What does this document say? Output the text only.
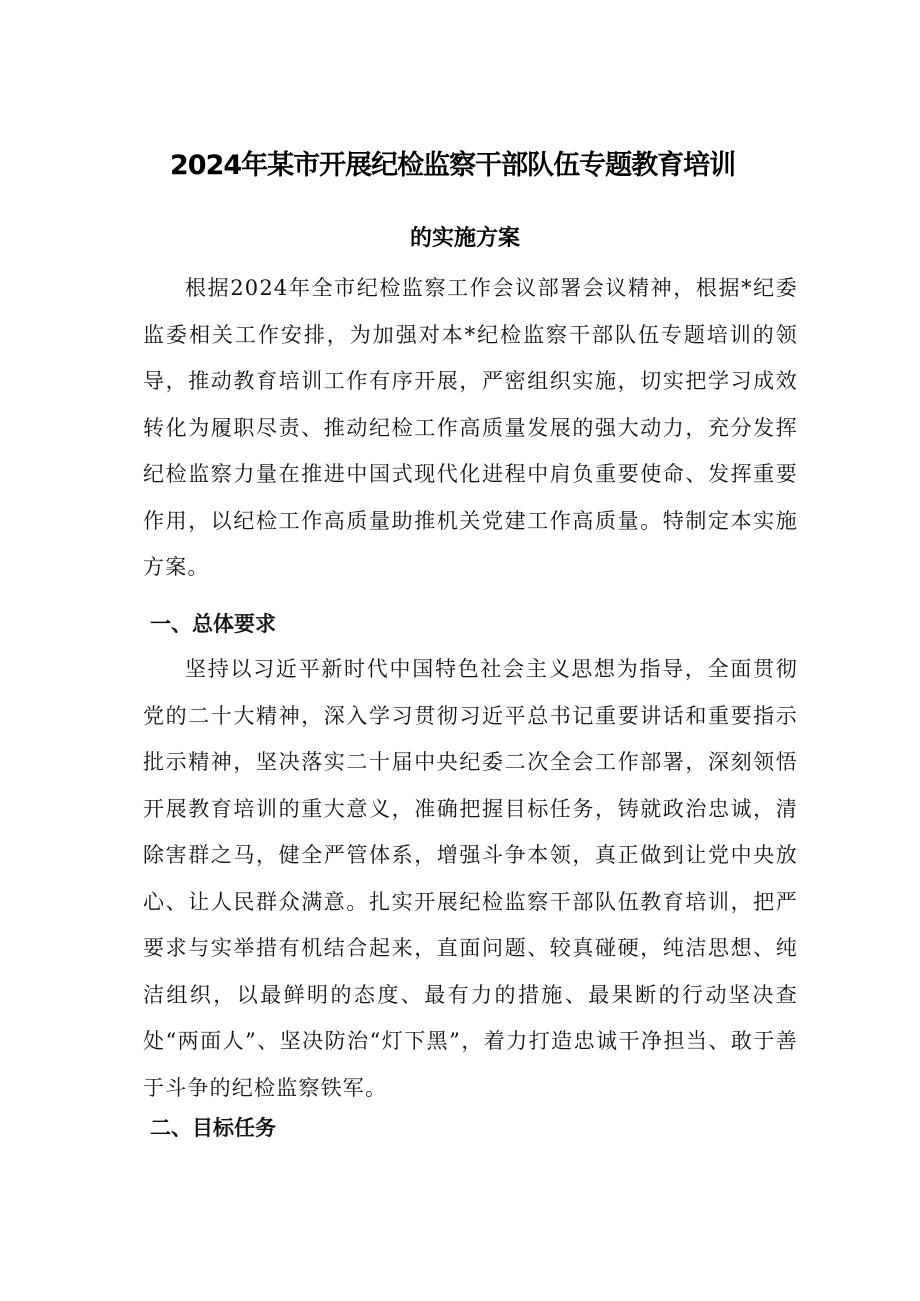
2024年某市开展纪检监察干部队伍专题教育培训
的实施方案

根据2024年全市纪检监察工作会议部署会议精神，根据*纪委监委相关工作安排，为加强对本*纪检监察干部队伍专题培训的领导，推动教育培训工作有序开展，严密组织实施，切实把学习成效转化为履职尽责、推动纪检工作高质量发展的强大动力，充分发挥纪检监察力量在推进中国式现代化进程中肩负重要使命、发挥重要作用，以纪检工作高质量助推机关党建工作高质量。特制定本实施方案。

一、总体要求

坚持以习近平新时代中国特色社会主义思想为指导，全面贯彻党的二十大精神，深入学习贯彻习近平总书记重要讲话和重要指示批示精神，坚决落实二十届中央纪委二次全会工作部署，深刻领悟开展教育培训的重大意义，准确把握目标任务，铸就政治忠诚，清除害群之马，健全严管体系，增强斗争本领，真正做到让党中央放心、让人民群众满意。扎实开展纪检监察干部队伍教育培训，把严要求与实举措有机结合起来，直面问题、较真碰硬，纯洁思想、纯洁组织，以最鲜明的态度、最有力的措施、最果断的行动坚决查处“两面人”、坚决防治“灯下黑”，着力打造忠诚干净担当、敢于善于斗争的纪检监察铁军。

二、目标任务
